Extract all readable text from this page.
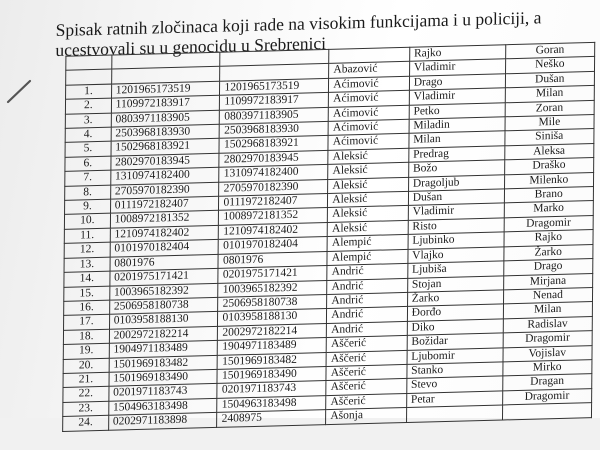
Spisak ratnih zločinaca koji rade na visokim funkcijama i u policiji, a
ucestvovali su u genocidu u Srebrenici
					Rajko	Goran
			Abazović	Vladimir	Neško
1.	1201965173519	1201965173519	Aćimović	Drago	Dušan
2.	1109972183917	1109972183917	Aćimović	Vladimir	Milan
3.	0803971183905	0803971183905	Aćimović	Petko	Zoran
4.	2503968183930	2503968183930	Aćimović	Miladin	Mile
5.	1502968183921	1502968183921	Aćimović	Milan	Siniša
6.	2802970183945	2802970183945	Aleksić	Predrag	Aleksa
7.	1310974182400	1310974182400	Aleksić	Božo	Draško
8.	2705970182390	2705970182390	Aleksić	Dragoljub	Milenko
9.	0111972182407	0111972182407	Aleksić	Dušan	Brano
10.	1008972181352	1008972181352	Aleksić	Vladimir	Marko
11.	1210974182402	1210974182402	Aleksić	Risto	Dragomir
12.	0101970182404	0101970182404	Alempić	Ljubinko	Rajko
13.	0801976	0801976	Alempić	Vlajko	Žarko
14.	0201975171421	0201975171421	Andrić	Ljubiša	Drago
15.	1003965182392	1003965182392	Andrić	Stojan	Mirjana
16.	2506958180738	2506958180738	Andrić	Žarko	Nenad
17.	0103958188130	0103958188130	Andrić	Đorđo	Milan
18.	2002972182214	2002972182214	Andrić	Diko	Radislav
19.	1904971183489	1904971183489	Aščerić	Božidar	Dragomir
20.	1501969183482	1501969183482	Aščerić	Ljubomir	Vojislav
21.	1501969183490	1501969183490	Aščerić	Stanko	Mirko
22.	0201971183743	0201971183743	Aščerić	Stevo	Dragan
23.	1504963183498	1504963183498	Aščerić	Petar	Dragomir
24.	0202971183898	2408975	Ašonja		
